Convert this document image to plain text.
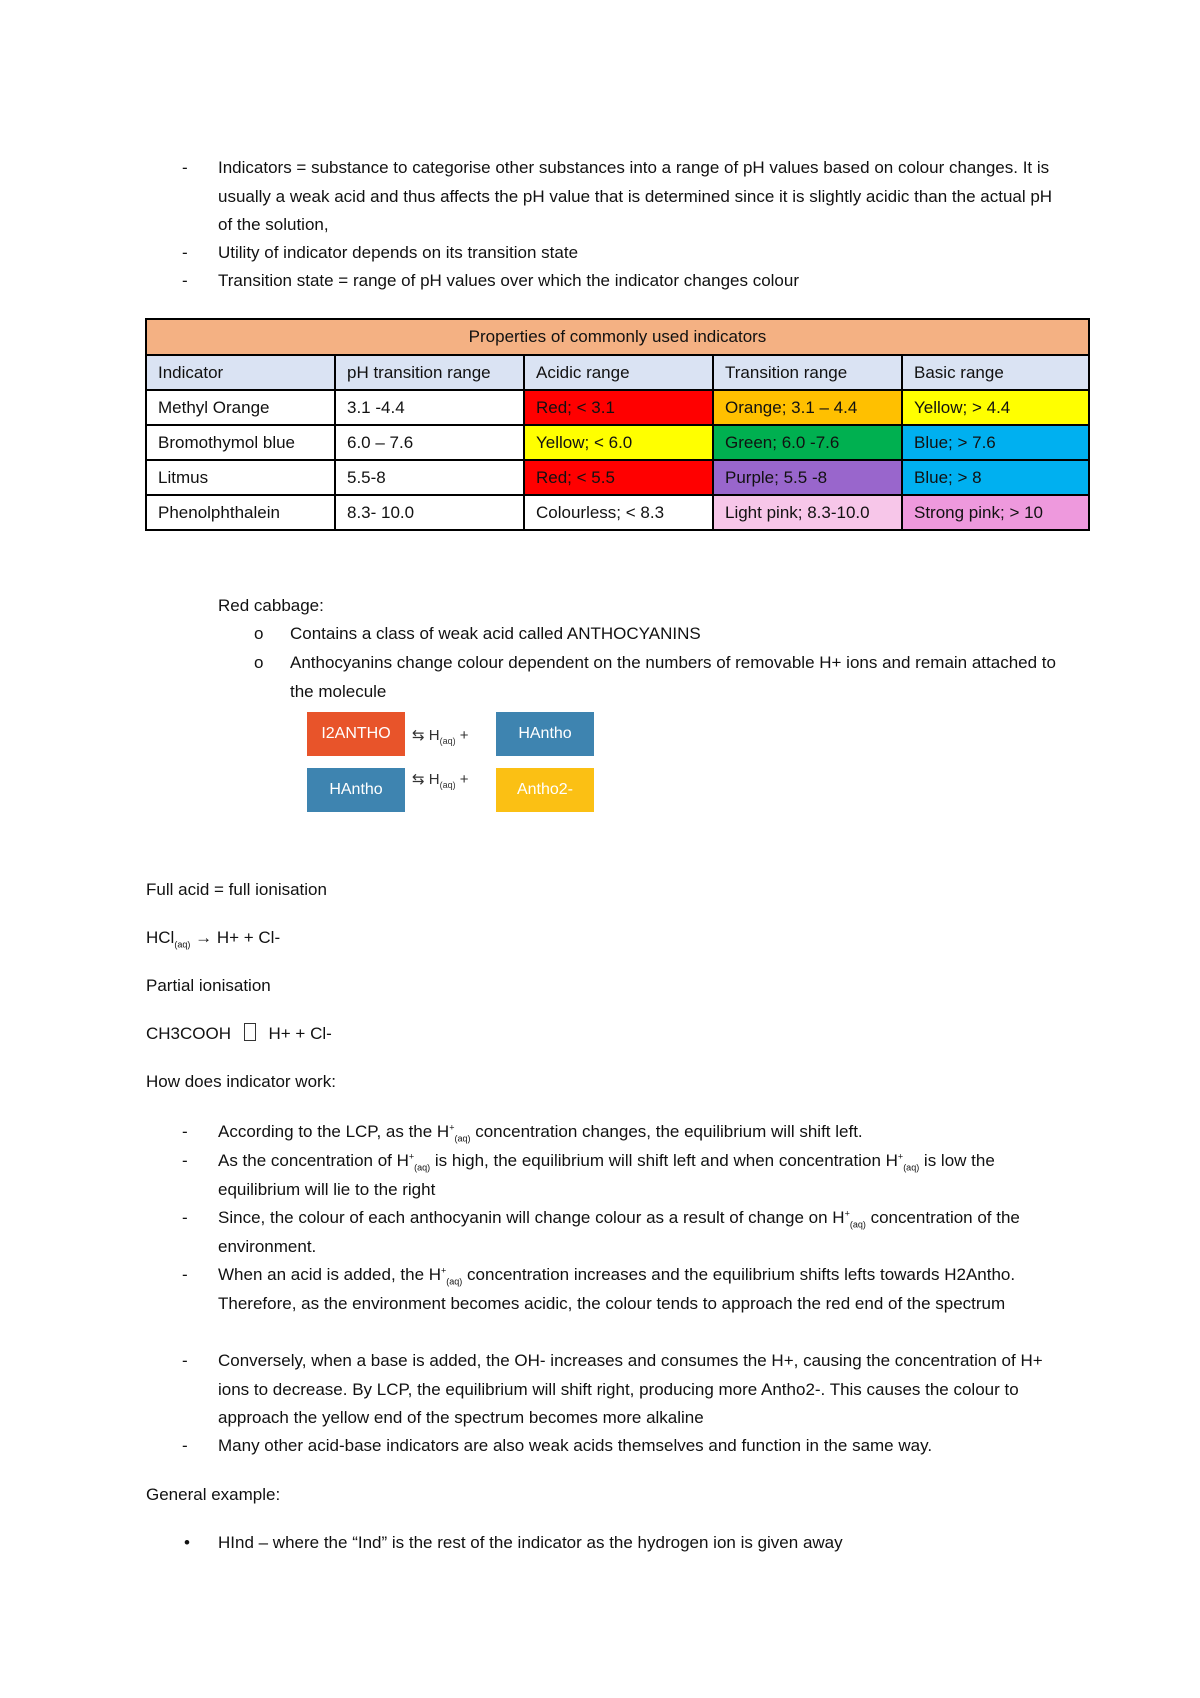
- Indicators = substance to categorise other substances into a range of pH values based on colour changes. It is usually a weak acid and thus affects the pH value that is determined since it is slightly acidic than the actual pH of the solution,
- Utility of indicator depends on its transition state
- Transition state = range of pH values over which the indicator changes colour
Properties of commonly used indicators				
Indicator	pH transition range	Acidic range	Transition range	Basic range
Methyl Orange	3.1 -4.4	Red; < 3.1	Orange; 3.1 – 4.4	Yellow; > 4.4
Bromothymol blue	6.0 – 7.6	Yellow; < 6.0	Green; 6.0 -7.6	Blue; > 7.6
Litmus	5.5-8	Red; < 5.5	Purple; 5.5 -8	Blue; > 8
Phenolphthalein	8.3- 10.0	Colourless; < 8.3	Light pink; 8.3-10.0	Strong pink; > 10
Red cabbage:
o Contains a class of weak acid called ANTHOCYANINS
o Anthocyanins change colour dependent on the numbers of removable H+ ions and remain attached to the molecule
I2ANTHO	⇆ $H_{(aq)}$ +	HAntho
HAntho
⇆ $H_{(aq)}$ +
Antho2-
Full acid = full ionisation
HCl$_{(aq)}$ → H+ + Cl-
Partial ionisation
CH3COOH H+ + Cl-
How does indicator work:
- According to the LCP, as the $H^+_{(aq)}$ concentration changes, the equilibrium will shift left.
- As the concentration of $H^+_{(aq)}$ is high, the equilibrium will shift left and when concentration $H^+_{(aq)}$ is low the equilibrium will lie to the right
- Since, the colour of each anthocyanin will change colour as a result of change on $H^+_{(aq)}$ concentration of the environment.
- When an acid is added, the $H^+_{(aq)}$ concentration increases and the equilibrium shifts lefts towards H2Antho. Therefore, as the environment becomes acidic, the colour tends to approach the red end of the spectrum
- Conversely, when a base is added, the OH- increases and consumes the H+, causing the concentration of H+ ions to decrease. By LCP, the equilibrium will shift right, producing more Antho2-. This causes the colour to approach the yellow end of the spectrum becomes more alkaline
- Many other acid-base indicators are also weak acids themselves and function in the same way.
General example:
• HInd – where the “Ind” is the rest of the indicator as the hydrogen ion is given away
